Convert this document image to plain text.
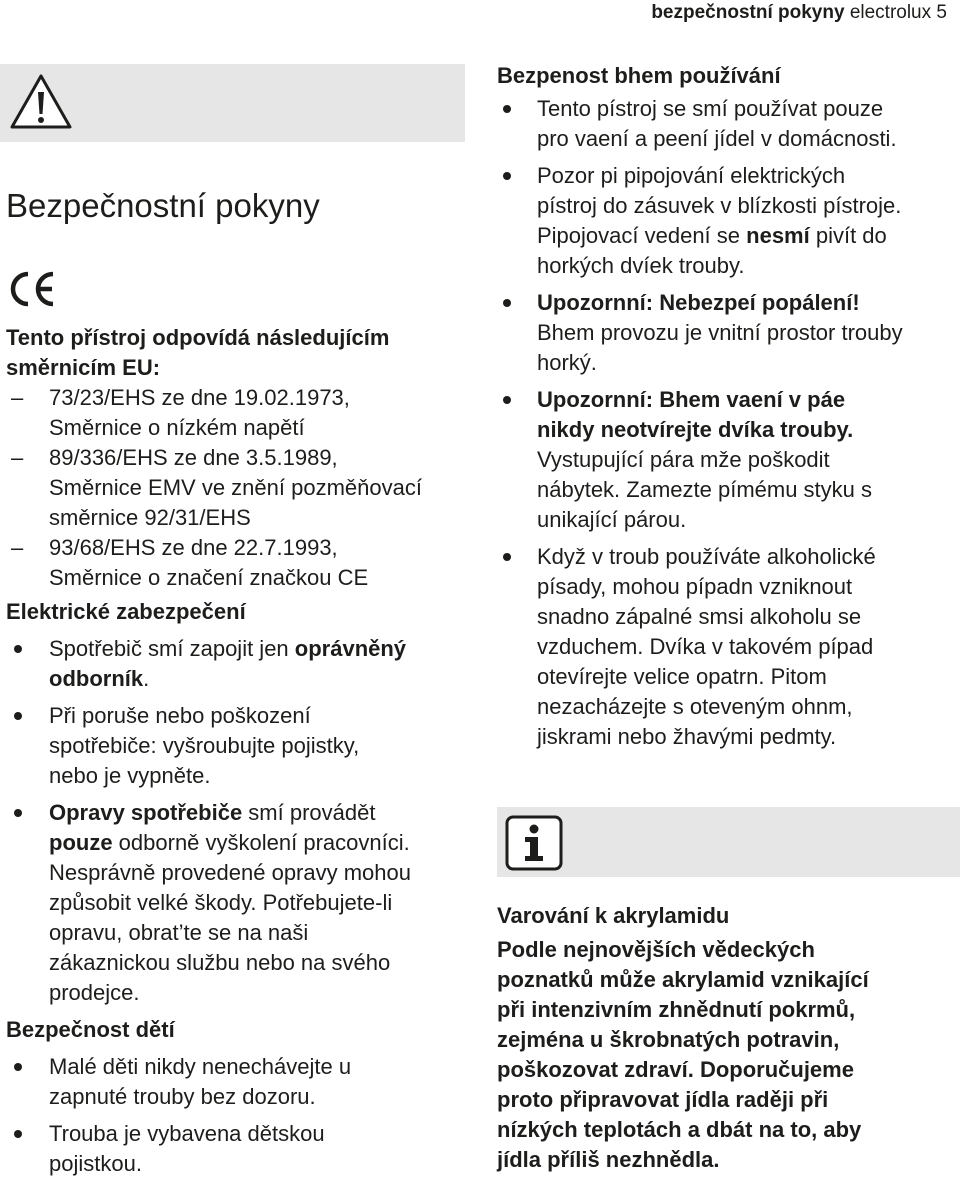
bezpečnostní pokyny electrolux 5
Bezpečnostní pokyny

Tento přístroj odpovídá následujícím
směrnicím EU:

– 73/23/EHS ze dne 19.02.1973,
Směrnice o nízkém napětí
– 89/336/EHS ze dne 3.5.1989,
Směrnice EMV ve znění pozměňovací
směrnice 92/31/EHS
– 93/68/EHS ze dne 22.7.1993,
Směrnice o značení značkou CE

Elektrické zabezpečení

Spotřebič smí zapojit jen oprávněný
odborník.
Při poruše nebo poškození
spotřebiče: vyšroubujte pojistky,
nebo je vypněte.
Opravy spotřebiče smí provádět
pouze odborně vyškolení pracovníci.
Nesprávně provedené opravy mohou
způsobit velké škody. Potřebujete-li
opravu, obrat’te se na naši
zákaznickou službu nebo na svého
prodejce.

Bezpečnost dětí

Malé děti nikdy nenechávejte u
zapnuté trouby bez dozoru.
Trouba je vybavena dětskou
pojistkou.

Bezpenost bhem používání

Tento pístroj se smí používat pouze
pro vaení a peení jídel v domácnosti.
Pozor pi pipojování elektrických
pístroj do zásuvek v blízkosti pístroje.
Pipojovací vedení se nesmí pivít do
horkých dvíek trouby.
Upozornní: Nebezpeí popálení!
Bhem provozu je vnitní prostor trouby
horký.
Upozornní: Bhem vaení v páe
nikdy neotvírejte dvíka trouby.
Vystupující pára mže poškodit
nábytek. Zamezte pímému styku s
unikající párou.
Když v troub používáte alkoholické
písady, mohou pípadn vzniknout
snadno zápalné smsi alkoholu se
vzduchem. Dvíka v takovém pípad
otevírejte velice opatrn. Pitom
nezacházejte s oteveným ohnm,
jiskrami nebo žhavými pedmty.

Varování k akrylamidu

Podle nejnovějších vědeckých

poznatků může akrylamid vznikající

při intenzivním zhnědnutí pokrmů,

zejména u škrobnatých potravin,

poškozovat zdraví. Doporučujeme

proto připravovat jídla raději při

nízkých teplotách a dbát na to, aby

jídla příliš nezhnědla.
